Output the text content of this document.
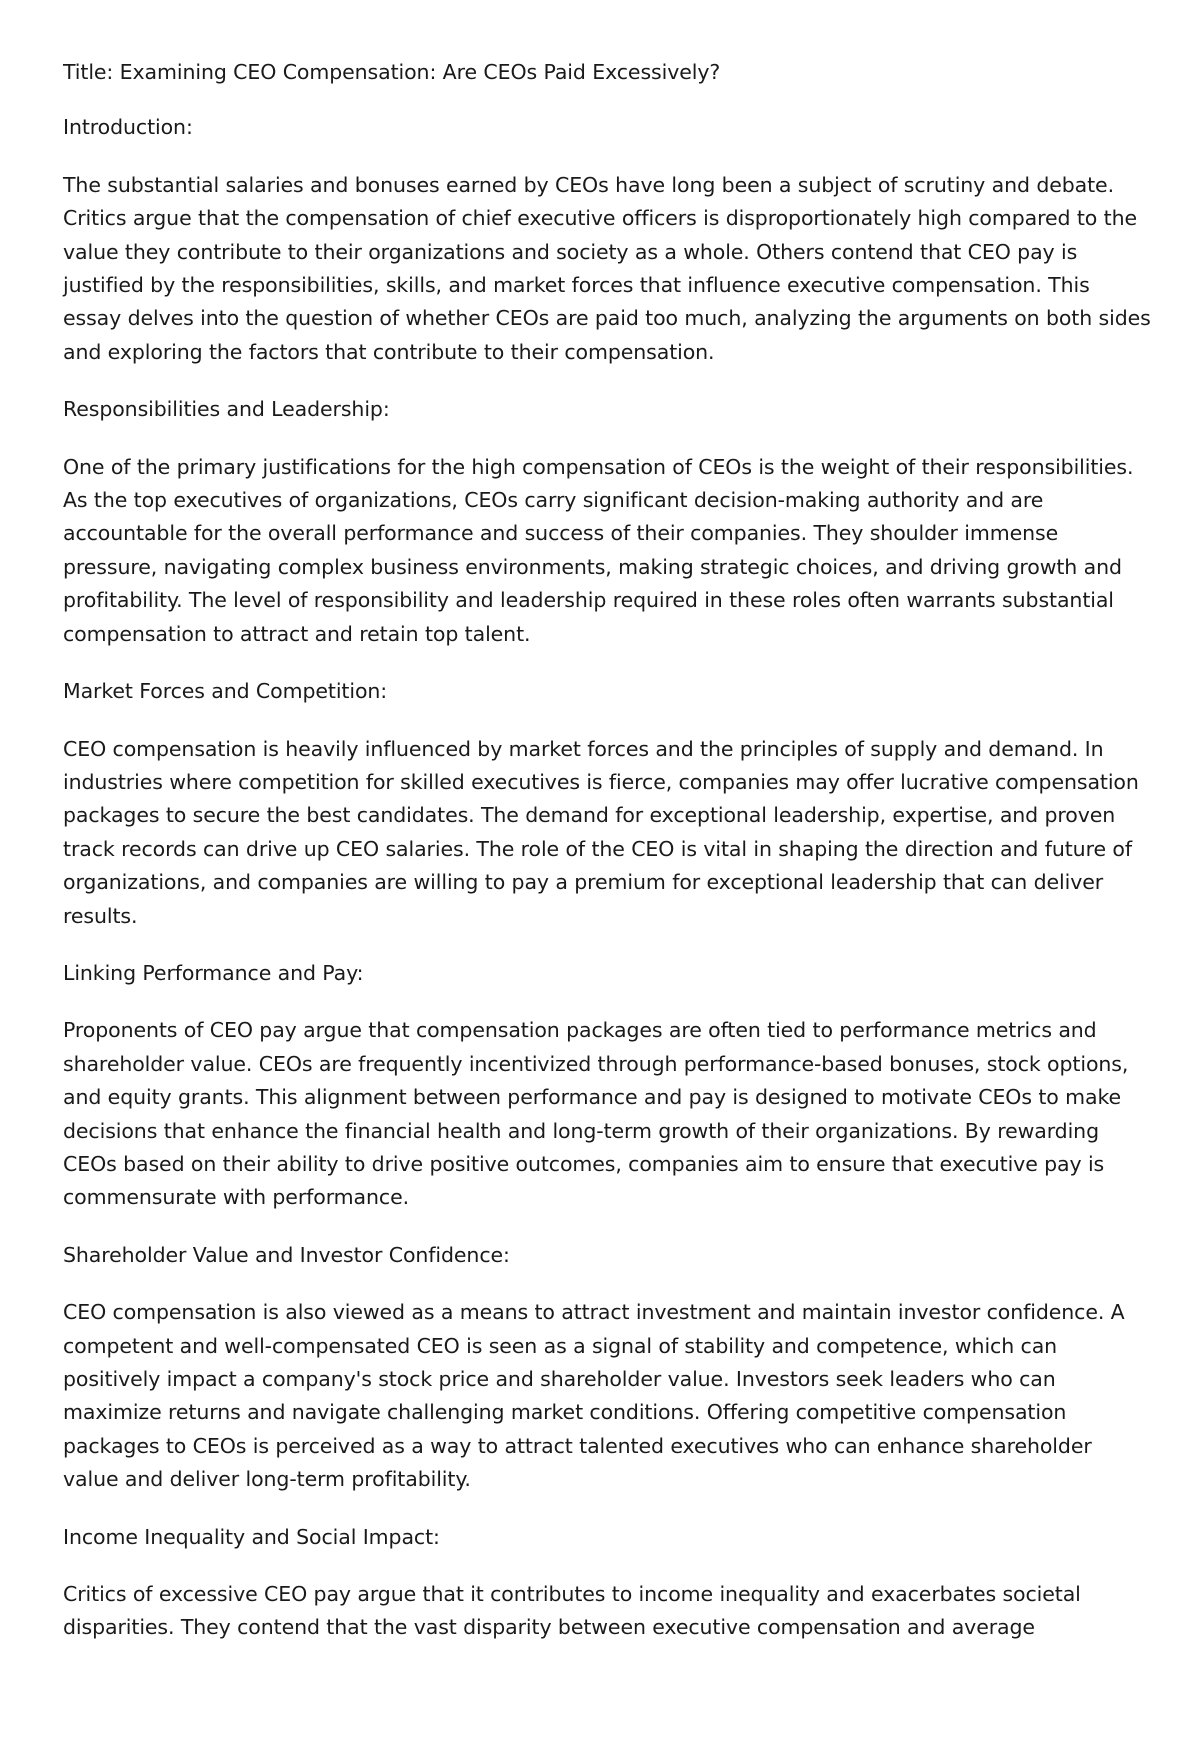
Title: Examining CEO Compensation: Are CEOs Paid Excessively?

Introduction:

The substantial salaries and bonuses earned by CEOs have long been a subject of scrutiny and debate. Critics argue that the compensation of chief executive officers is disproportionately high compared to the value they contribute to their organizations and society as a whole. Others contend that CEO pay is justified by the responsibilities, skills, and market forces that influence executive compensation. This essay delves into the question of whether CEOs are paid too much, analyzing the arguments on both sides and exploring the factors that contribute to their compensation.

Responsibilities and Leadership:

One of the primary justifications for the high compensation of CEOs is the weight of their responsibilities. As the top executives of organizations, CEOs carry significant decision-making authority and are accountable for the overall performance and success of their companies. They shoulder immense pressure, navigating complex business environments, making strategic choices, and driving growth and profitability. The level of responsibility and leadership required in these roles often warrants substantial compensation to attract and retain top talent.

Market Forces and Competition:

CEO compensation is heavily influenced by market forces and the principles of supply and demand. In industries where competition for skilled executives is fierce, companies may offer lucrative compensation packages to secure the best candidates. The demand for exceptional leadership, expertise, and proven track records can drive up CEO salaries. The role of the CEO is vital in shaping the direction and future of organizations, and companies are willing to pay a premium for exceptional leadership that can deliver results.

Linking Performance and Pay:

Proponents of CEO pay argue that compensation packages are often tied to performance metrics and shareholder value. CEOs are frequently incentivized through performance-based bonuses, stock options, and equity grants. This alignment between performance and pay is designed to motivate CEOs to make decisions that enhance the financial health and long-term growth of their organizations. By rewarding CEOs based on their ability to drive positive outcomes, companies aim to ensure that executive pay is commensurate with performance.

Shareholder Value and Investor Confidence:

CEO compensation is also viewed as a means to attract investment and maintain investor confidence. A competent and well-compensated CEO is seen as a signal of stability and competence, which can positively impact a company's stock price and shareholder value. Investors seek leaders who can maximize returns and navigate challenging market conditions. Offering competitive compensation packages to CEOs is perceived as a way to attract talented executives who can enhance shareholder value and deliver long-term profitability.

Income Inequality and Social Impact:

Critics of excessive CEO pay argue that it contributes to income inequality and exacerbates societal disparities. They contend that the vast disparity between executive compensation and average
